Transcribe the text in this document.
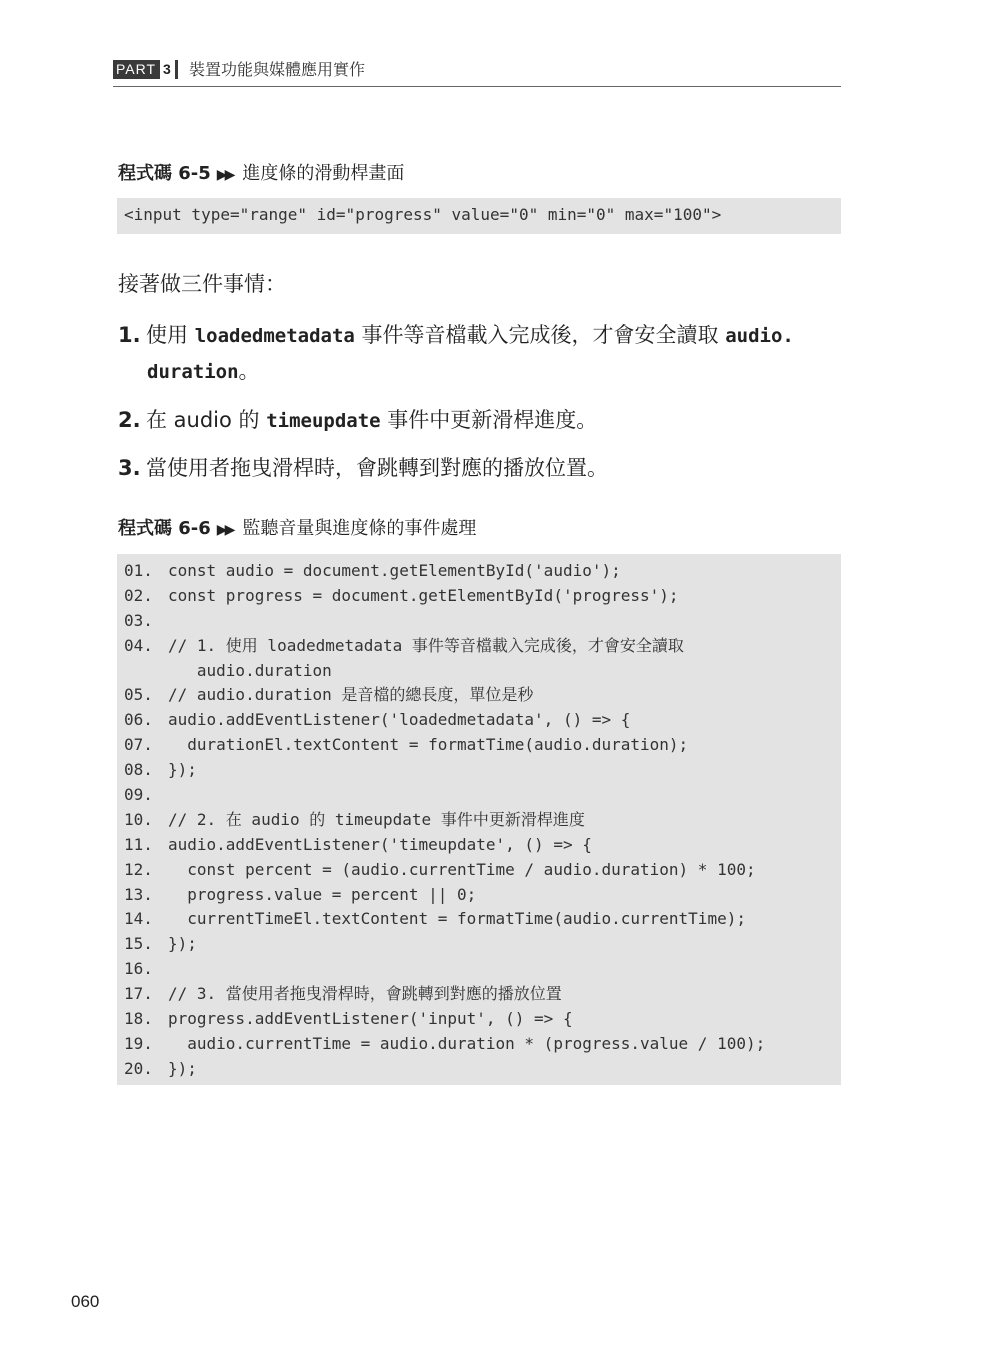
PART 3	裝置功能與媒體應用實作
程式碼 6-5 ▶▶ 進度條的滑動桿畫面
<input type="range" id="progress" value="0" min="0" max="100">
接著做三件事情：
1. 使用 loadedmetadata 事件等音檔載入完成後，才會安全讀取 audio.
duration。
2. 在 audio 的 timeupdate 事件中更新滑桿進度。
3. 當使用者拖曳滑桿時，會跳轉到對應的播放位置。
程式碼 6-6 ▶▶ 監聽音量與進度條的事件處理
01. const audio = document.getElementById('audio');
02. const progress = document.getElementById('progress');
03.
04. // 1. 使用 loadedmetadata 事件等音檔載入完成後，才會安全讀取
audio.duration
05. // audio.duration 是音檔的總長度，單位是秒
06. audio.addEventListener('loadedmetadata', () => {
07.  durationEl.textContent = formatTime(audio.duration);
08. });
09.
10. // 2. 在 audio 的 timeupdate 事件中更新滑桿進度
11. audio.addEventListener('timeupdate', () => {
12.  const percent = (audio.currentTime / audio.duration) * 100;
13.  progress.value = percent || 0;
14.  currentTimeEl.textContent = formatTime(audio.currentTime);
15. });
16.
17. // 3. 當使用者拖曳滑桿時，會跳轉到對應的播放位置
18. progress.addEventListener('input', () => {
19.  audio.currentTime = audio.duration * (progress.value / 100);
20. });
060
